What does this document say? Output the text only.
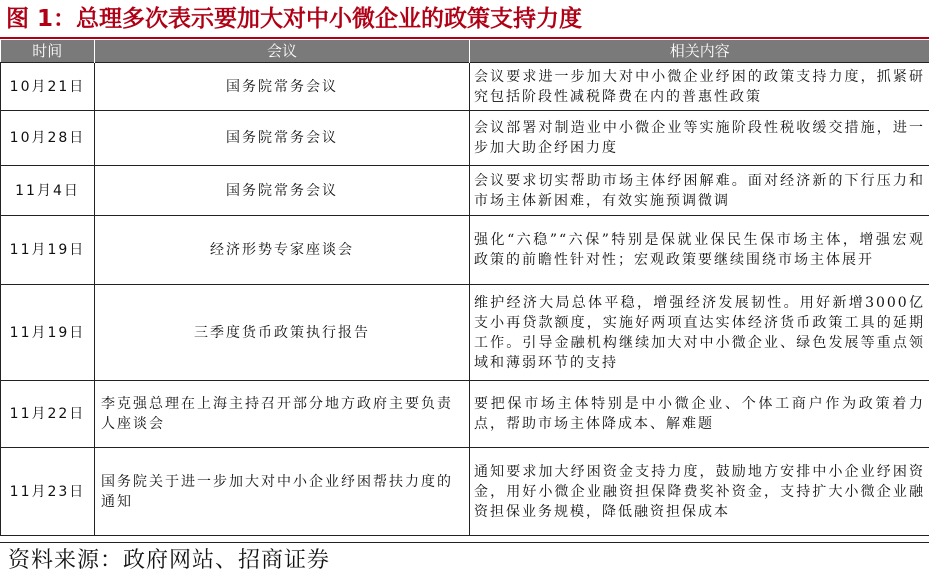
图 1：总理多次表示要加大对中小微企业的政策支持力度
时间	会议	相关内容
10月21日	国务院常务会议	会议要求进一步加大对中小微企业纾困的政策支持力度，抓紧研究包括阶段性减税降费在内的普惠性政策
10月28日	国务院常务会议	会议部署对制造业中小微企业等实施阶段性税收缓交措施，进一步加大助企纾困力度
11月4日	国务院常务会议	会议要求切实帮助市场主体纾困解难。面对经济新的下行压力和市场主体新困难，有效实施预调微调
11月19日	经济形势专家座谈会	强化“六稳”“六保”特别是保就业保民生保市场主体，增强宏观政策的前瞻性针对性；宏观政策要继续围绕市场主体展开
11月19日	三季度货币政策执行报告	维护经济大局总体平稳，增强经济发展韧性。用好新增3000亿支小再贷款额度，实施好两项直达实体经济货币政策工具的延期工作。引导金融机构继续加大对中小微企业、绿色发展等重点领域和薄弱环节的支持
11月22日	李克强总理在上海主持召开部分地方政府主要负责人座谈会	要把保市场主体特别是中小微企业、个体工商户作为政策着力点，帮助市场主体降成本、解难题
11月23日	国务院关于进一步加大对中小企业纾困帮扶力度的通知	通知要求加大纾困资金支持力度，鼓励地方安排中小企业纾困资金，用好小微企业融资担保降费奖补资金，支持扩大小微企业融资担保业务规模，降低融资担保成本
资料来源：政府网站、招商证券
